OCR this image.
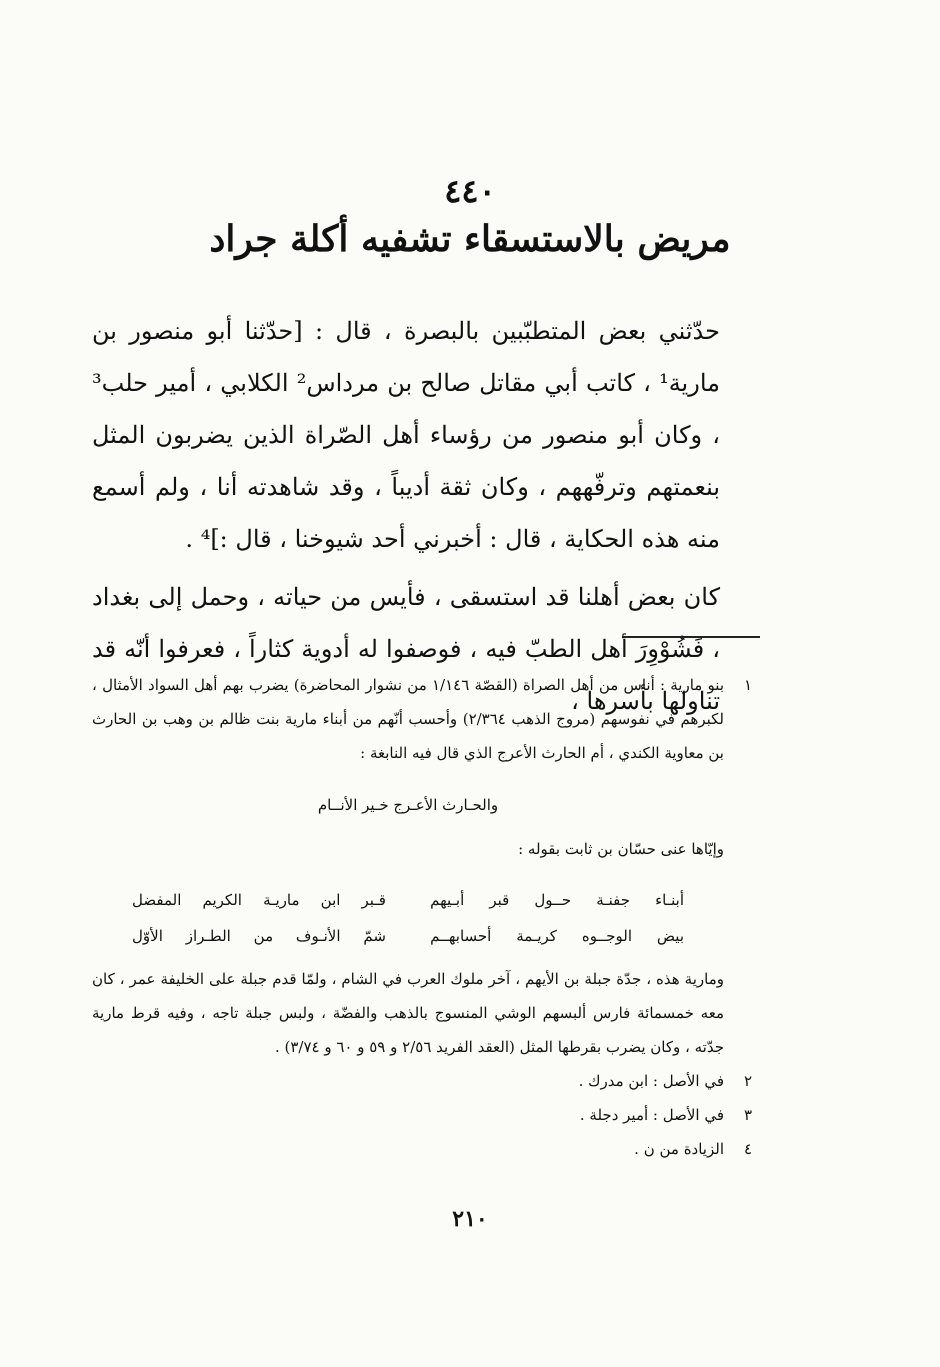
٤٤٠
مريض بالاستسقاء تشفيه أكلة جراد

حدّثني بعض المتطبّبين بالبصرة ، قال : [حدّثنا أبو منصور بن مارية¹ ، كاتب أبي مقاتل صالح بن مرداس² الكلابي ، أمير حلب³ ، وكان أبو منصور من رؤساء أهل الصّراة الذين يضربون المثل بنعمتهم وترفّههم ، وكان ثقة أديباً ، وقد شاهدته أنا ، ولم أسمع منه هذه الحكاية ، قال : أخبرني أحد شيوخنا ، قال :]⁴ .

كان بعض أهلنا قد استسقى ، فأيس من حياته ، وحمل إلى بغداد ، فَشُوْوِرَ أهل الطبّ فيه ، فوصفوا له أدوية كثاراً ، فعرفوا أنّه قد تناولها بأسرها ،

١
بنو مارية : أناس من أهل الصراة (القصّة ١/١٤٦ من نشوار المحاضرة) يضرب بهم أهل السواد الأمثال ، لكبرهم في نفوسهم (مروج الذهب ٢/٣٦٤) وأحسب أنّهم من أبناء مارية بنت ظالم بن وهب بن الحارث بن معاوية الكندي ، أم الحارث الأعرج الذي قال فيه النابغة :
والحـارث الأعـرج خـير الأنــام
وإيّاها عنى حسّان بن ثابت بقوله :
أبنـاء جفنـة حــول قبر أبـيهم
قـبر ابن ماريـة الكريم المفضل
بيض الوجــوه كريـمة أحسابهــم
شمّ الأنـوف من الطـراز الأوّل
ومارية هذه ، جدّة جبلة بن الأيهم ، آخر ملوك العرب في الشام ، ولمّا قدم جبلة على الخليفة عمر ، كان معه خمسمائة فارس ألبسهم الوشي المنسوج بالذهب والفضّة ، ولبس جبلة تاجه ، وفيه قرط مارية جدّته ، وكان يضرب بقرطها المثل (العقد الفريد ٢/٥٦ و ٥٩ و ٦٠ و ٣/٧٤) .
٢
في الأصل : ابن مدرك .
٣
في الأصل : أمير دجلة .
٤
الزيادة من ن .
٢١٠
